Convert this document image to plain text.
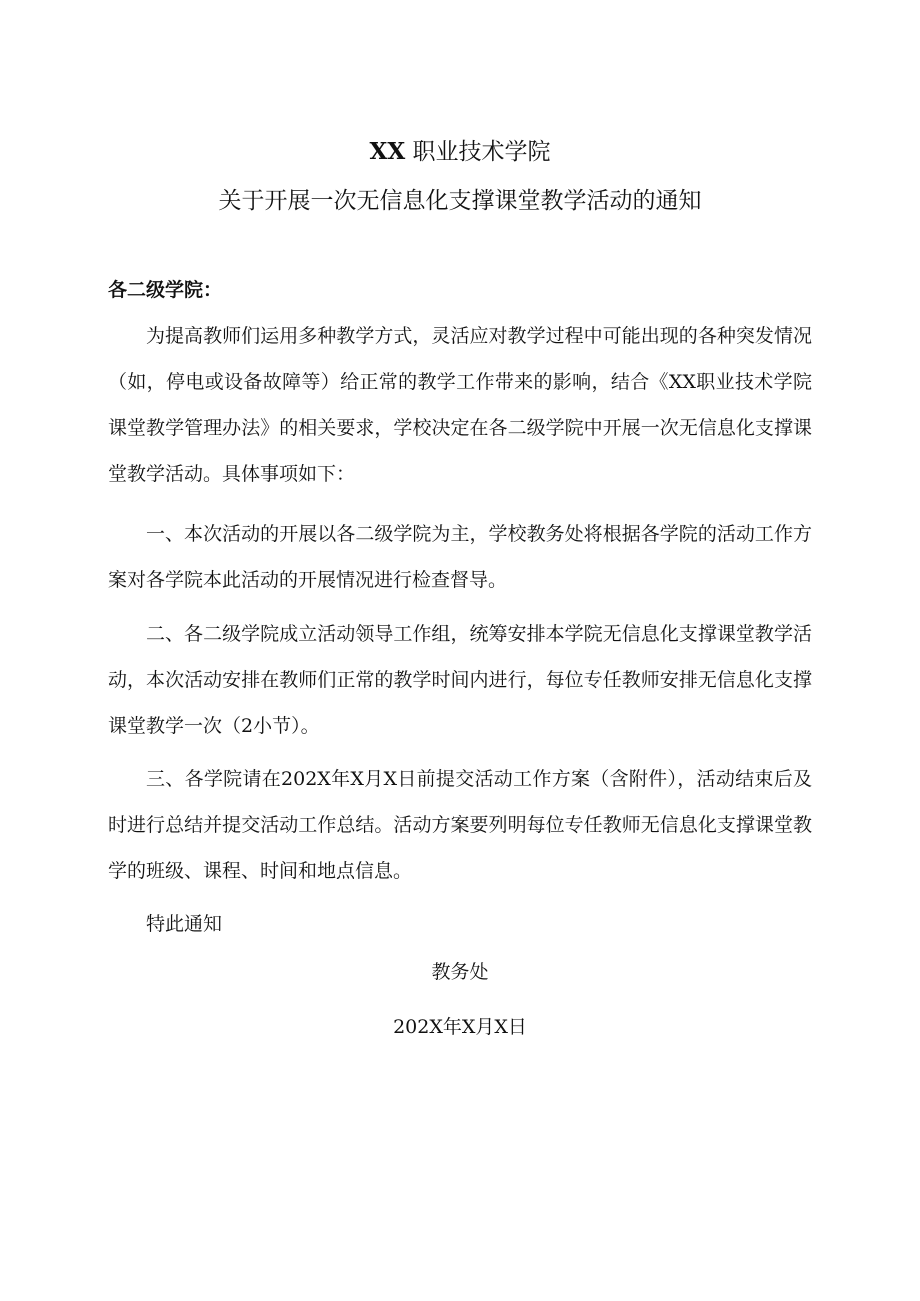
XX 职业技术学院
关于开展一次无信息化支撑课堂教学活动的通知
各二级学院：

为提高教师们运用多种教学方式，灵活应对教学过程中可能出现的各种突发情况（如，停电或设备故障等）给正常的教学工作带来的影响，结合《XX职业技术学院课堂教学管理办法》的相关要求，学校决定在各二级学院中开展一次无信息化支撑课堂教学活动。具体事项如下：

一、本次活动的开展以各二级学院为主，学校教务处将根据各学院的活动工作方案对各学院本此活动的开展情况进行检查督导。

二、各二级学院成立活动领导工作组，统筹安排本学院无信息化支撑课堂教学活动，本次活动安排在教师们正常的教学时间内进行，每位专任教师安排无信息化支撑课堂教学一次（2小节）。

三、各学院请在202X年X月X日前提交活动工作方案（含附件），活动结束后及时进行总结并提交活动工作总结。活动方案要列明每位专任教师无信息化支撑课堂教学的班级、课程、时间和地点信息。

特此通知
教务处
202X年X月X日
